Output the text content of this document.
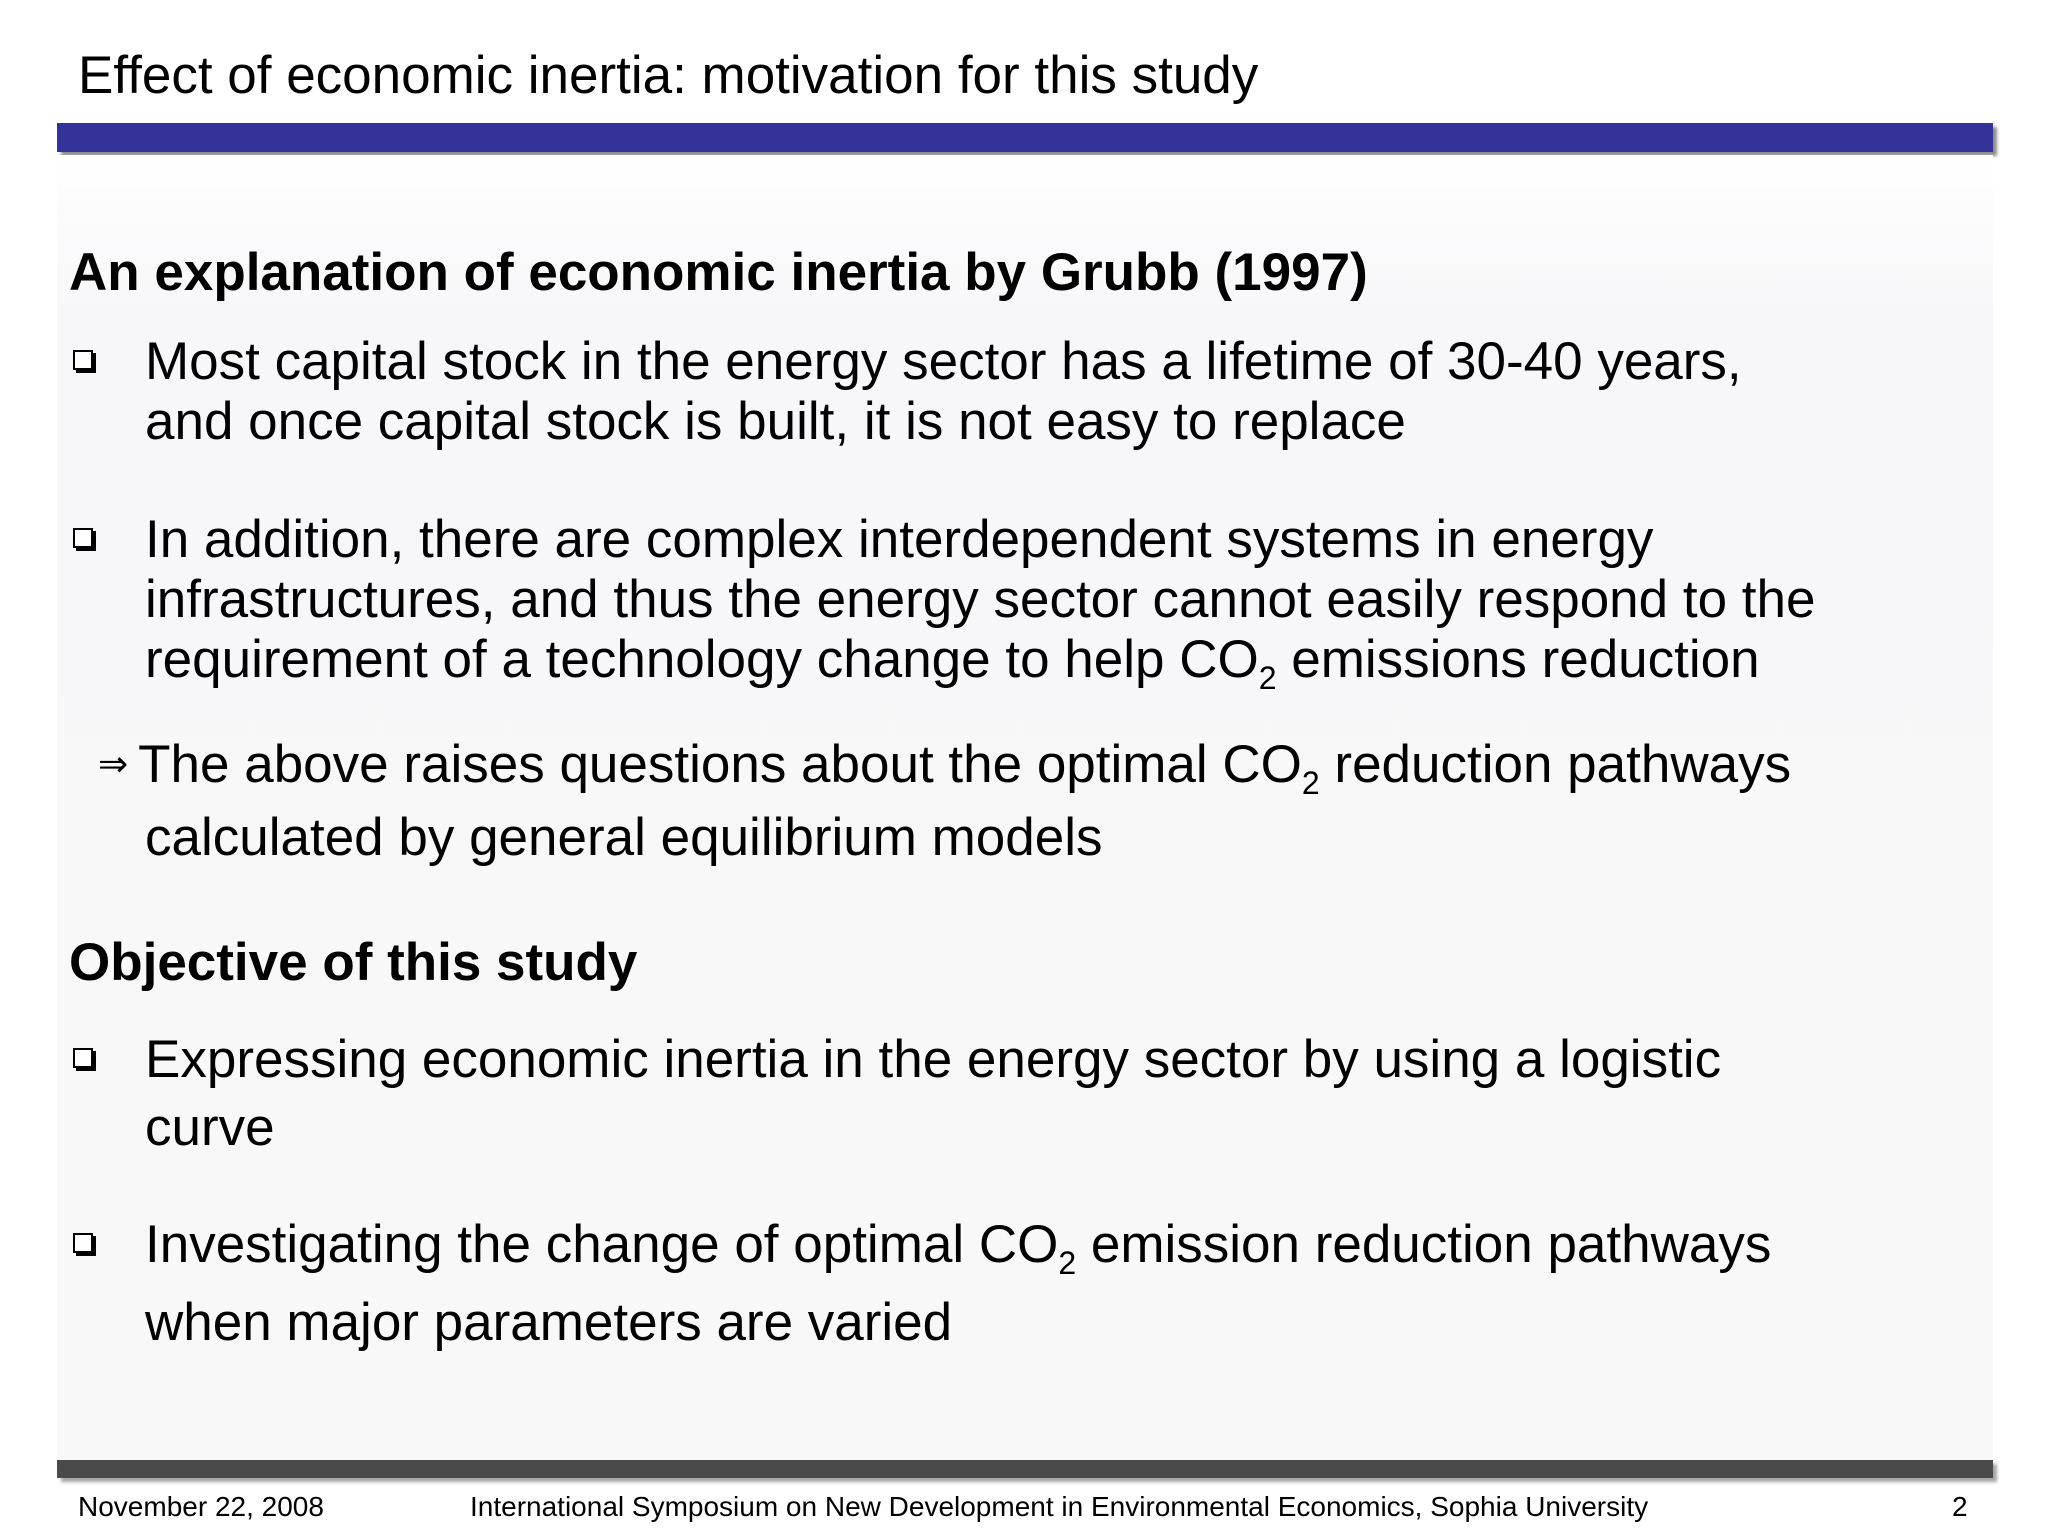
Effect of economic inertia: motivation for this study
An explanation of economic inertia by Grubb (1997)
Most capital stock in the energy sector has a lifetime of 30-40 years,
and once capital stock is built, it is not easy to replace
In addition, there are complex interdependent systems in energy
infrastructures, and thus the energy sector cannot easily respond to the
requirement of a technology change to help $CO_2$ emissions reduction
⇒ The above raises questions about the optimal $CO_2$ reduction pathways
calculated by general equilibrium models
Objective of this study
Expressing economic inertia in the energy sector by using a logistic
curve
Investigating the change of optimal $CO_2$ emission reduction pathways
when major parameters are varied
November 22, 2008	International Symposium on New Development in Environmental Economics, Sophia University	2
